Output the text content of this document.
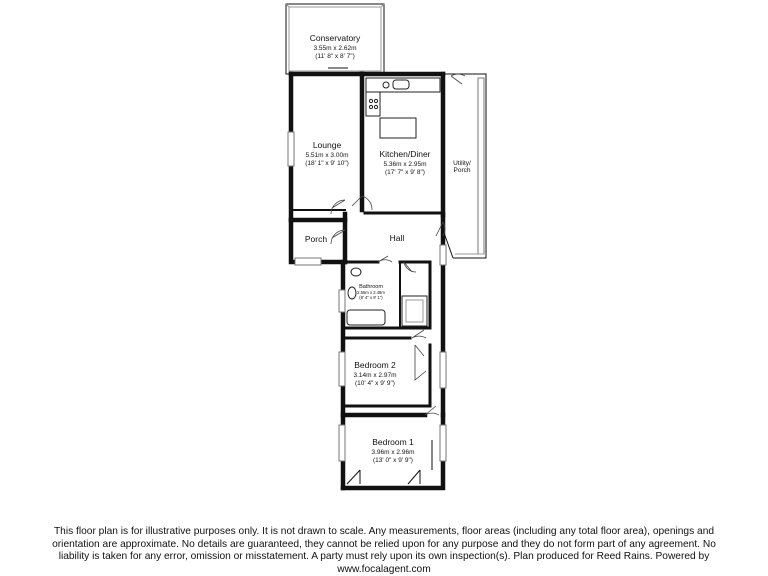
Conservatory
3.55m x 2.62m
(11' 8" x 8' 7")
Lounge
5.51m x 3.00m
(18' 1" x 9' 10")
Kitchen/Diner
5.36m x 2.95m
(17' 7" x 9' 8")
Utility/
Porch
Porch	Hall
Bathroom
2.55m x 2.48m
(8' 4" x 8' 1")
Bedroom 2
3.14m x 2.97m
(10' 4" x 9' 9")
Bedroom 1
3.96m x 2.96m
(13' 0" x 9' 9")
This floor plan is for illustrative purposes only. It is not drawn to scale. Any measurements, floor areas (including any total floor area), openings and
orientation are approximate. No details are guaranteed, they cannot be relied upon for any purpose and they do not form part of any agreement. No
liability is taken for any error, omission or misstatement. A party must rely upon its own inspection(s). Plan produced for Reed Rains. Powered by
www.focalagent.com
